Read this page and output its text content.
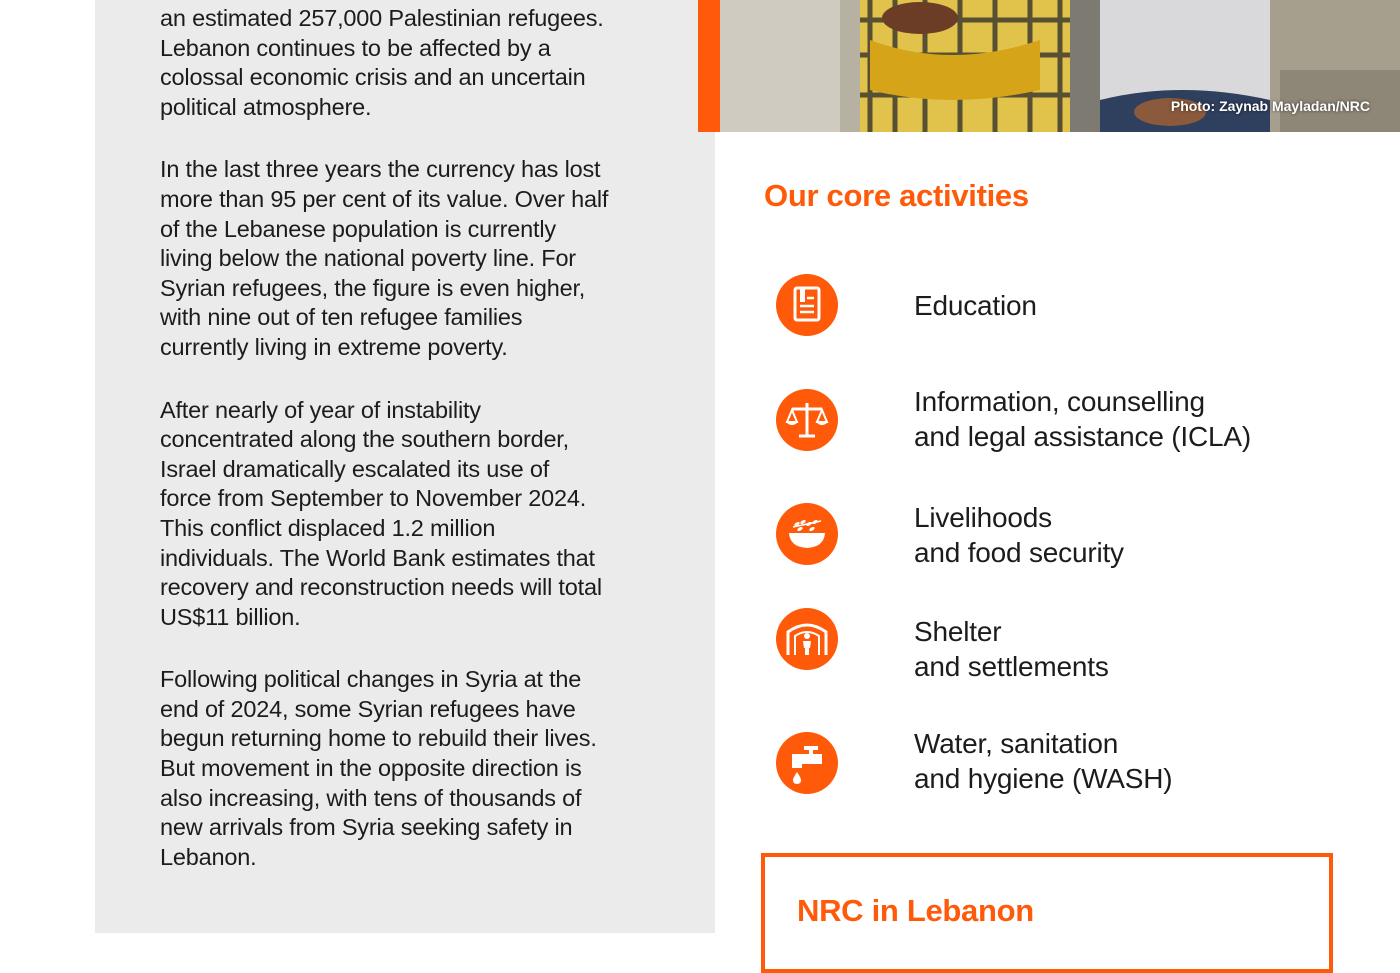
an estimated 257,000 Palestinian refugees.
Lebanon continues to be affected by a
colossal economic crisis and an uncertain
political atmosphere.

In the last three years the currency has lost
more than 95 per cent of its value. Over half
of the Lebanese population is currently
living below the national poverty line. For
Syrian refugees, the figure is even higher,
with nine out of ten refugee families
currently living in extreme poverty.

After nearly of year of instability
concentrated along the southern border,
Israel dramatically escalated its use of
force from September to November 2024.
This conflict displaced 1.2 million
individuals. The World Bank estimates that
recovery and reconstruction needs will total
US$11 billion.

Following political changes in Syria at the
end of 2024, some Syrian refugees have
begun returning home to rebuild their lives.
But movement in the opposite direction is
also increasing, with tens of thousands of
new arrivals from Syria seeking safety in
Lebanon.

Photo: Zaynab Mayladan/NRC
Our core activities
Education
Information, counselling
and legal assistance (ICLA)
Livelihoods
and food security
Shelter
and settlements
Water, sanitation
and hygiene (WASH)
NRC in Lebanon
